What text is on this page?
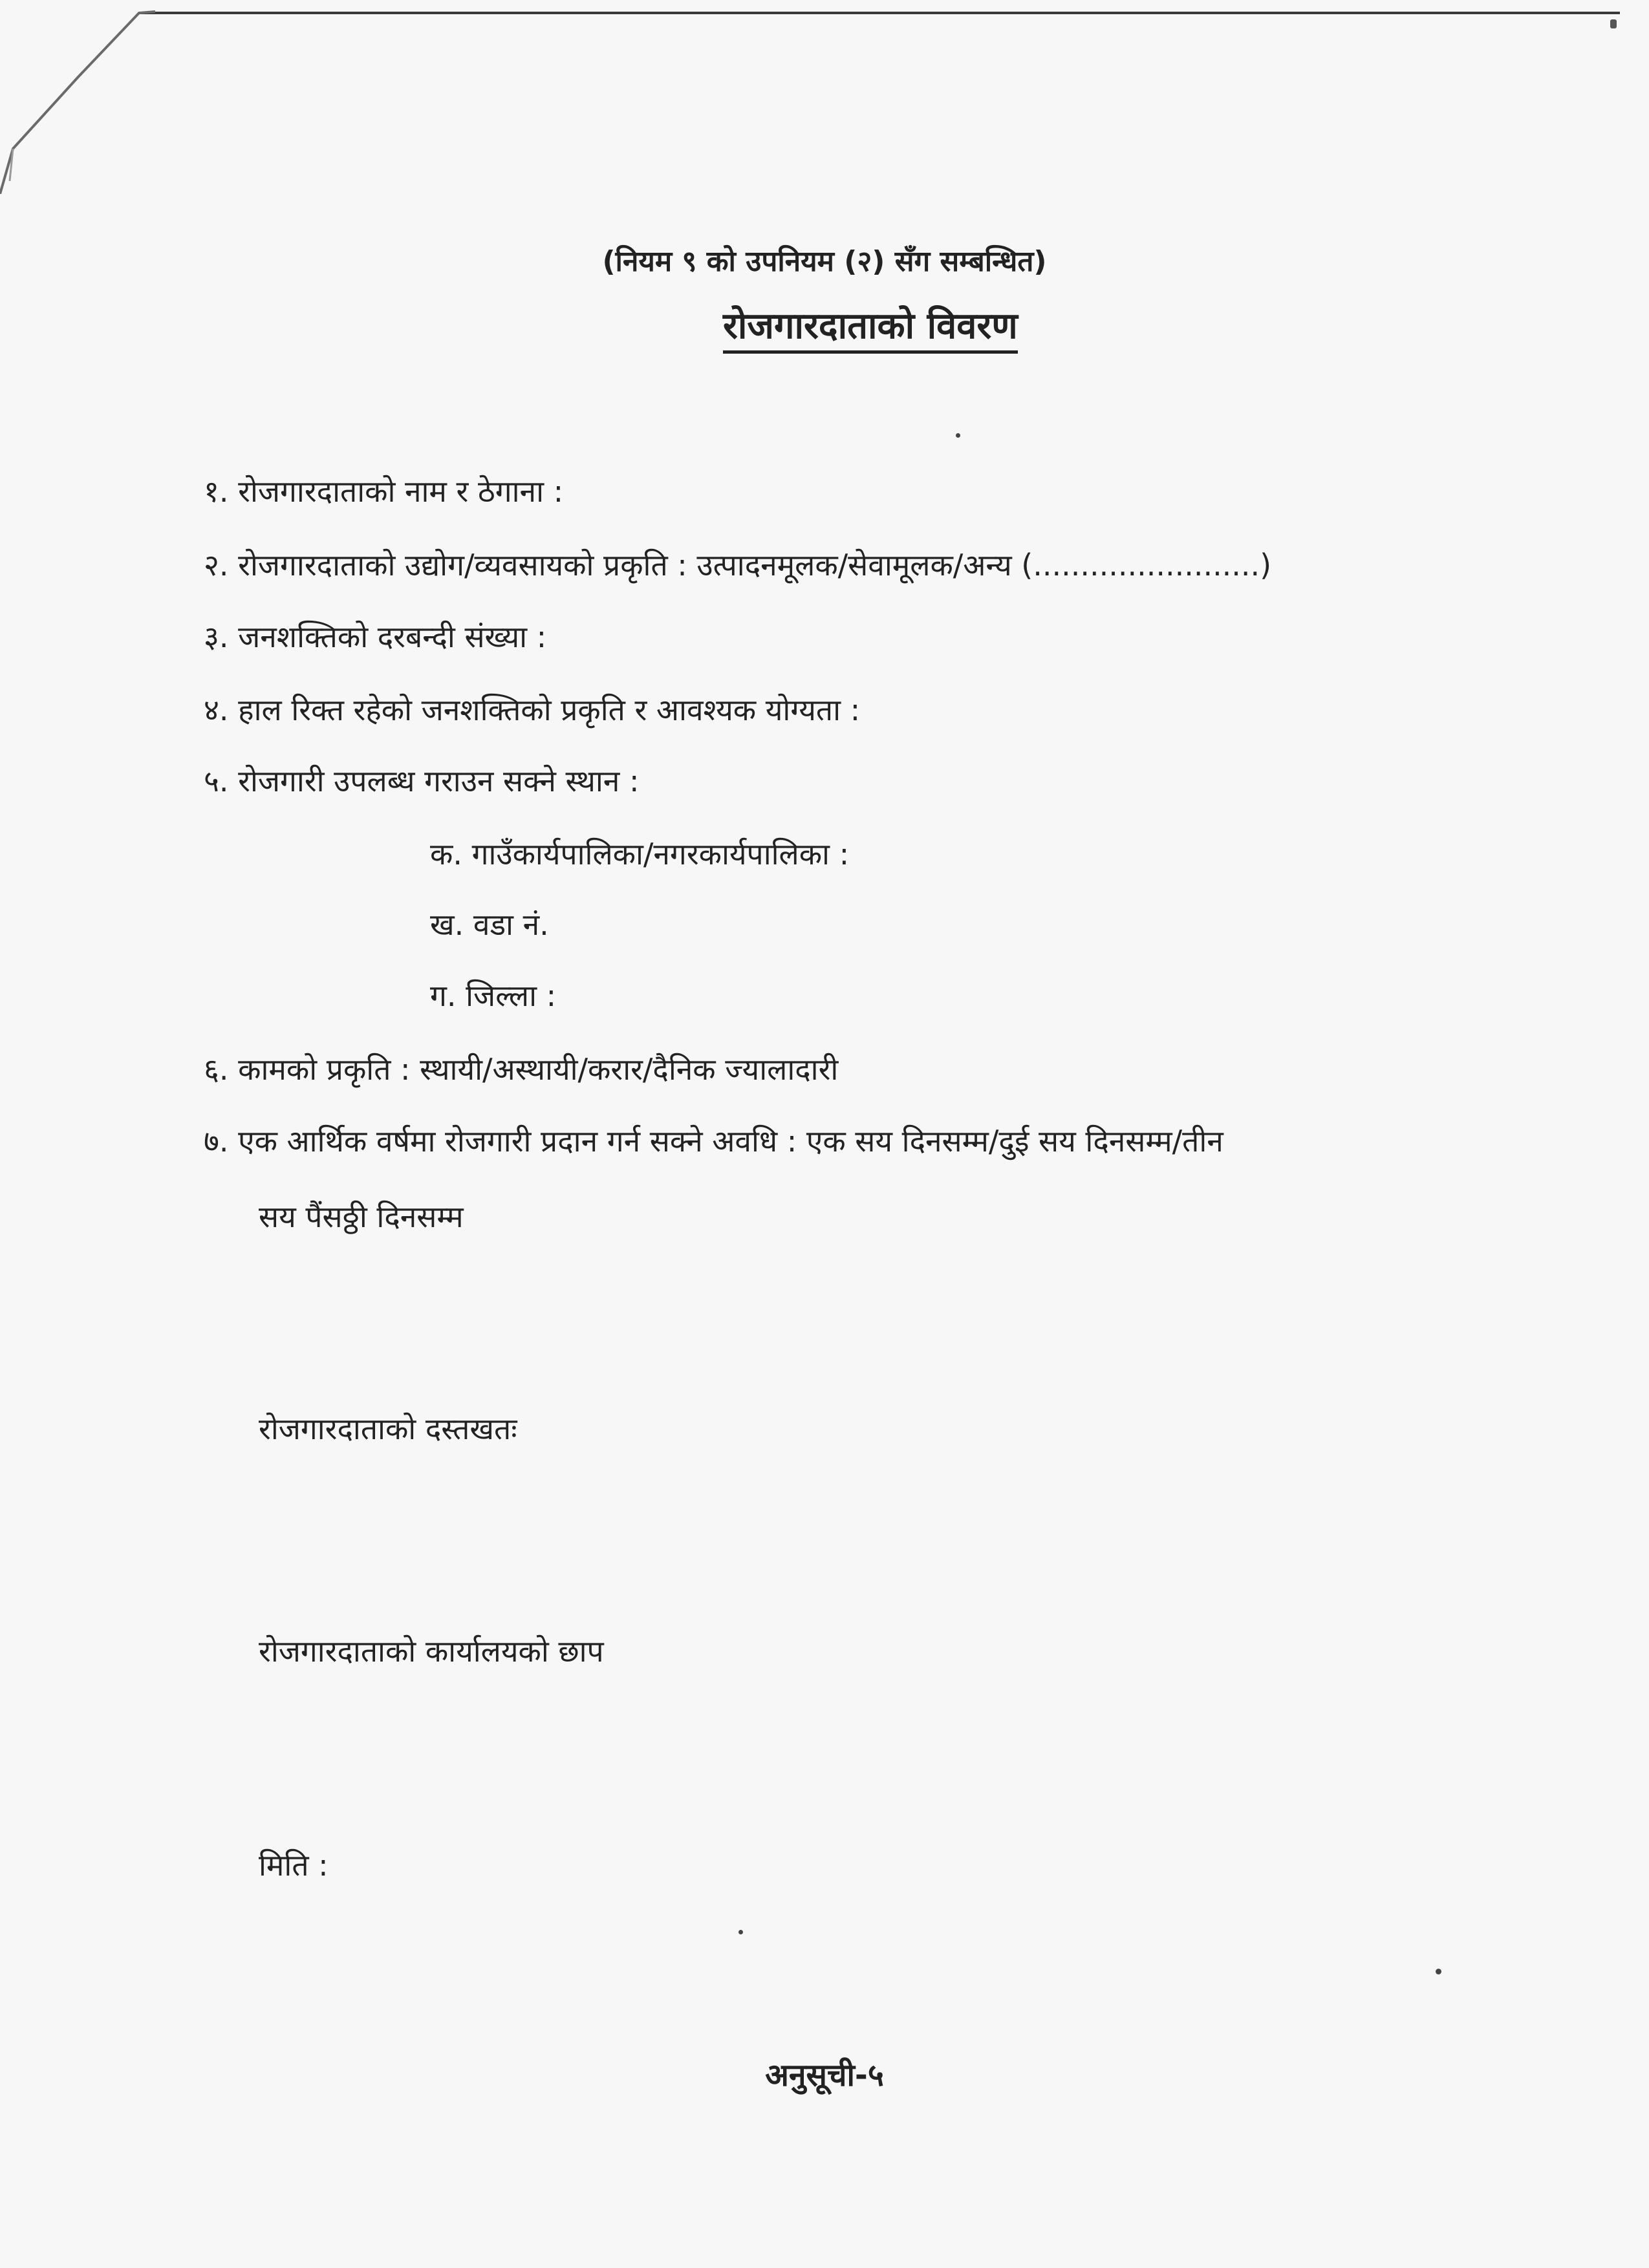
(नियम ९ को उपनियम (२) सँग सम्बन्धित)
रोजगारदाताको विवरण
१. रोजगारदाताको नाम र ठेगाना :
२. रोजगारदाताको उद्योग/व्यवसायको प्रकृति : उत्पादनमूलक/सेवामूलक/अन्य (........................)
३. जनशक्तिको दरबन्दी संख्या :
४. हाल रिक्त रहेको जनशक्तिको प्रकृति र आवश्यक योग्यता :
५. रोजगारी उपलब्ध गराउन सक्ने स्थान :
क. गाउँकार्यपालिका/नगरकार्यपालिका :
ख. वडा नं.
ग. जिल्ला :
६. कामको प्रकृति : स्थायी/अस्थायी/करार/दैनिक ज्यालादारी
७. एक आर्थिक वर्षमा रोजगारी प्रदान गर्न सक्ने अवधि : एक सय दिनसम्म/दुई सय दिनसम्म/तीन
सय पैंसठ्ठी दिनसम्म
रोजगारदाताको दस्तखतः
रोजगारदाताको कार्यालयको छाप
मिति :
अनुसूची-५
